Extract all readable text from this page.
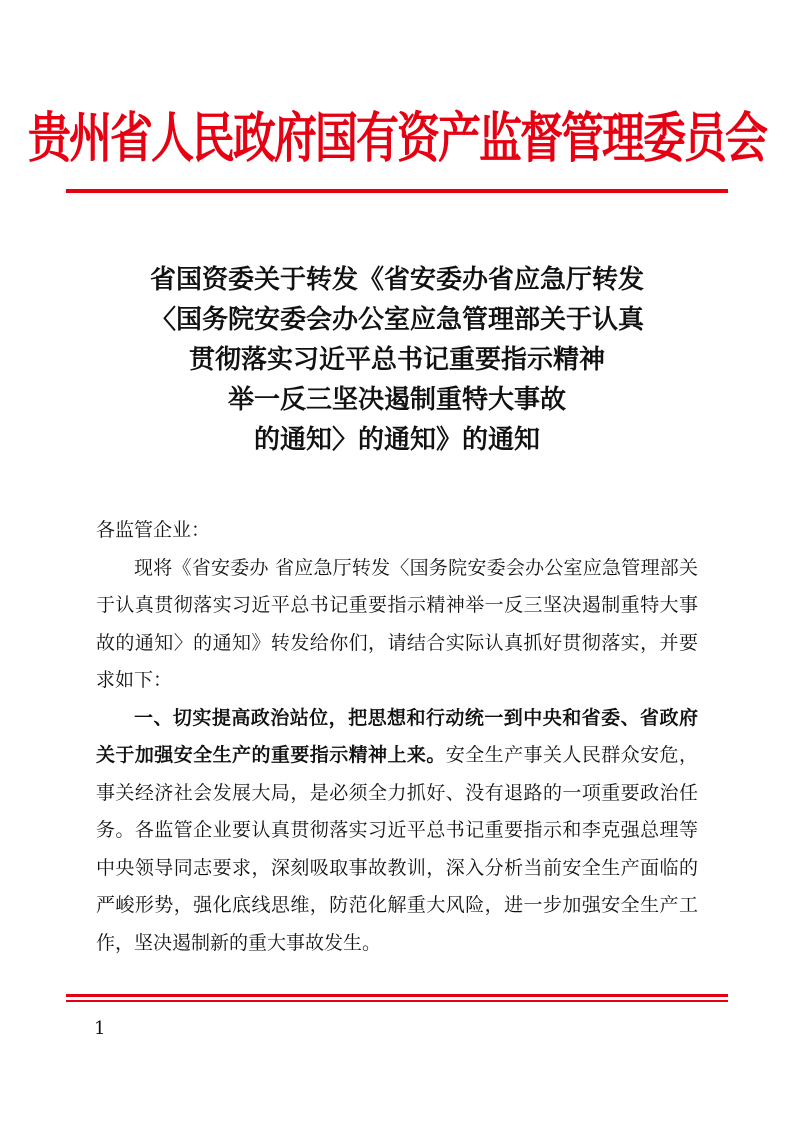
贵州省人民政府国有资产监督管理委员会
省国资委关于转发《省安委办省应急厅转发
〈国务院安委会办公室应急管理部关于认真
贯彻落实习近平总书记重要指示精神
举一反三坚决遏制重特大事故
的通知〉的通知》的通知

各监管企业：

现将《省安委办 省应急厅转发〈国务院安委会办公室应急管理部关于认真贯彻落实习近平总书记重要指示精神举一反三坚决遏制重特大事故的通知〉的通知》转发给你们，请结合实际认真抓好贯彻落实，并要求如下：

一、切实提高政治站位，把思想和行动统一到中央和省委、省政府关于加强安全生产的重要指示精神上来。安全生产事关人民群众安危，事关经济社会发展大局，是必须全力抓好、没有退路的一项重要政治任务。各监管企业要认真贯彻落实习近平总书记重要指示和李克强总理等中央领导同志要求，深刻吸取事故教训，深入分析当前安全生产面临的严峻形势，强化底线思维，防范化解重大风险，进一步加强安全生产工作，坚决遏制新的重大事故发生。

1
